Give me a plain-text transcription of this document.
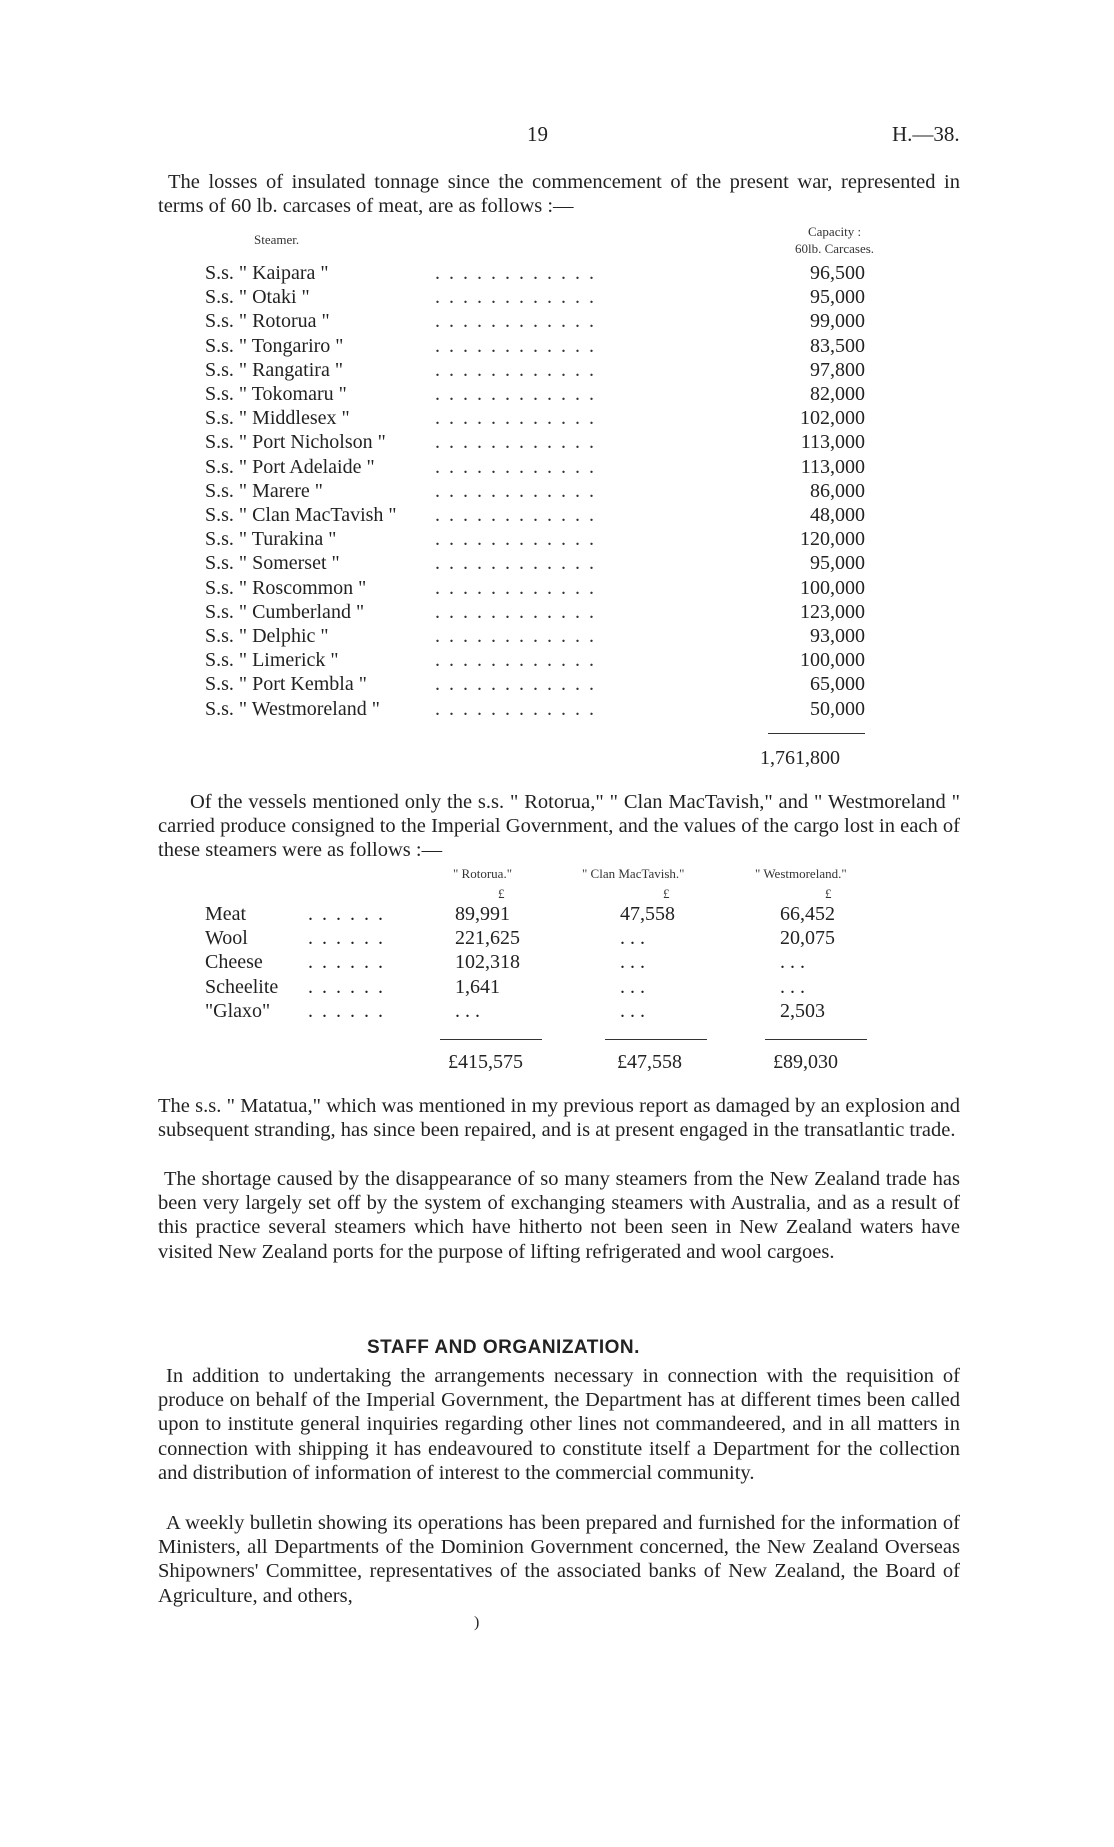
19	H.—38.

The losses of insulated tonnage since the commencement of the present war, represented in terms of 60 lb. carcases of meat, are as follows :—

Steamer.
Capacity :
60lb. Carcases.
S.s. " Kaipara "	. . . . . . . . . . . .	96,500
S.s. " Otaki "	. . . . . . . . . . . .	95,000
S.s. " Rotorua "	. . . . . . . . . . . .	99,000
S.s. " Tongariro "	. . . . . . . . . . . .	83,500
S.s. " Rangatira "	. . . . . . . . . . . .	97,800
S.s. " Tokomaru "	. . . . . . . . . . . .	82,000
S.s. " Middlesex "	. . . . . . . . . . . .	102,000
S.s. " Port Nicholson " . . . . . . . . . . . .	113,000
S.s. " Port Adelaide "	. . . . . . . . . . . .	113,000
S.s. " Marere "	. . . . . . . . . . . .	86,000
S.s. " Clan MacTavish " . . . . . . . . . . . .	48,000
S.s. " Turakina "	. . . . . . . . . . . .	120,000
S.s. " Somerset "	. . . . . . . . . . . .	95,000
S.s. " Roscommon "	. . . . . . . . . . . .	100,000
S.s. " Cumberland "	. . . . . . . . . . . .	123,000
S.s. " Delphic "	. . . . . . . . . . . .	93,000
S.s. " Limerick "	. . . . . . . . . . . .	100,000
S.s. " Port Kembla "	. . . . . . . . . . . .	65,000
S.s. " Westmoreland "	. . . . . . . . . . . .	50,000
1,761,800

Of the vessels mentioned only the s.s. " Rotorua," " Clan MacTavish," and " Westmoreland " carried produce consigned to the Imperial Government, and the values of the cargo lost in each of these steamers were as follows :—

" Rotorua."	" Clan MacTavish."	" Westmoreland."
£	£	£
Meat	. . . . . .	89,991	47,558	66,452
Wool	. . . . . .	221,625	. . .	20,075
Cheese . . . . . .	102,318	. . .	. . .
Scheelite . . . . . .	1,641	. . .	. . .
"Glaxo" . . . . . .	. . .	. . .	2,503
£415,575	£47,558	£89,030

The s.s. " Matatua," which was mentioned in my previous report as damaged by an explosion and subsequent stranding, has since been repaired, and is at present engaged in the transatlantic trade.

The shortage caused by the disappearance of so many steamers from the New Zealand trade has been very largely set off by the system of exchanging steamers with Australia, and as a result of this practice several steamers which have hitherto not been seen in New Zealand waters have visited New Zealand ports for the purpose of lifting refrigerated and wool cargoes.

STAFF AND ORGANIZATION.

In addition to undertaking the arrangements necessary in connection with the requisition of produce on behalf of the Imperial Government, the Department has at different times been called upon to institute general inquiries regarding other lines not commandeered, and in all matters in connection with shipping it has endeavoured to constitute itself a Department for the collection and distribution of information of interest to the commercial community.

A weekly bulletin showing its operations has been prepared and furnished for the information of Ministers, all Departments of the Dominion Government concerned, the New Zealand Overseas Shipowners' Committee, representatives of the associated banks of New Zealand, the Board of Agriculture, and others,

)
